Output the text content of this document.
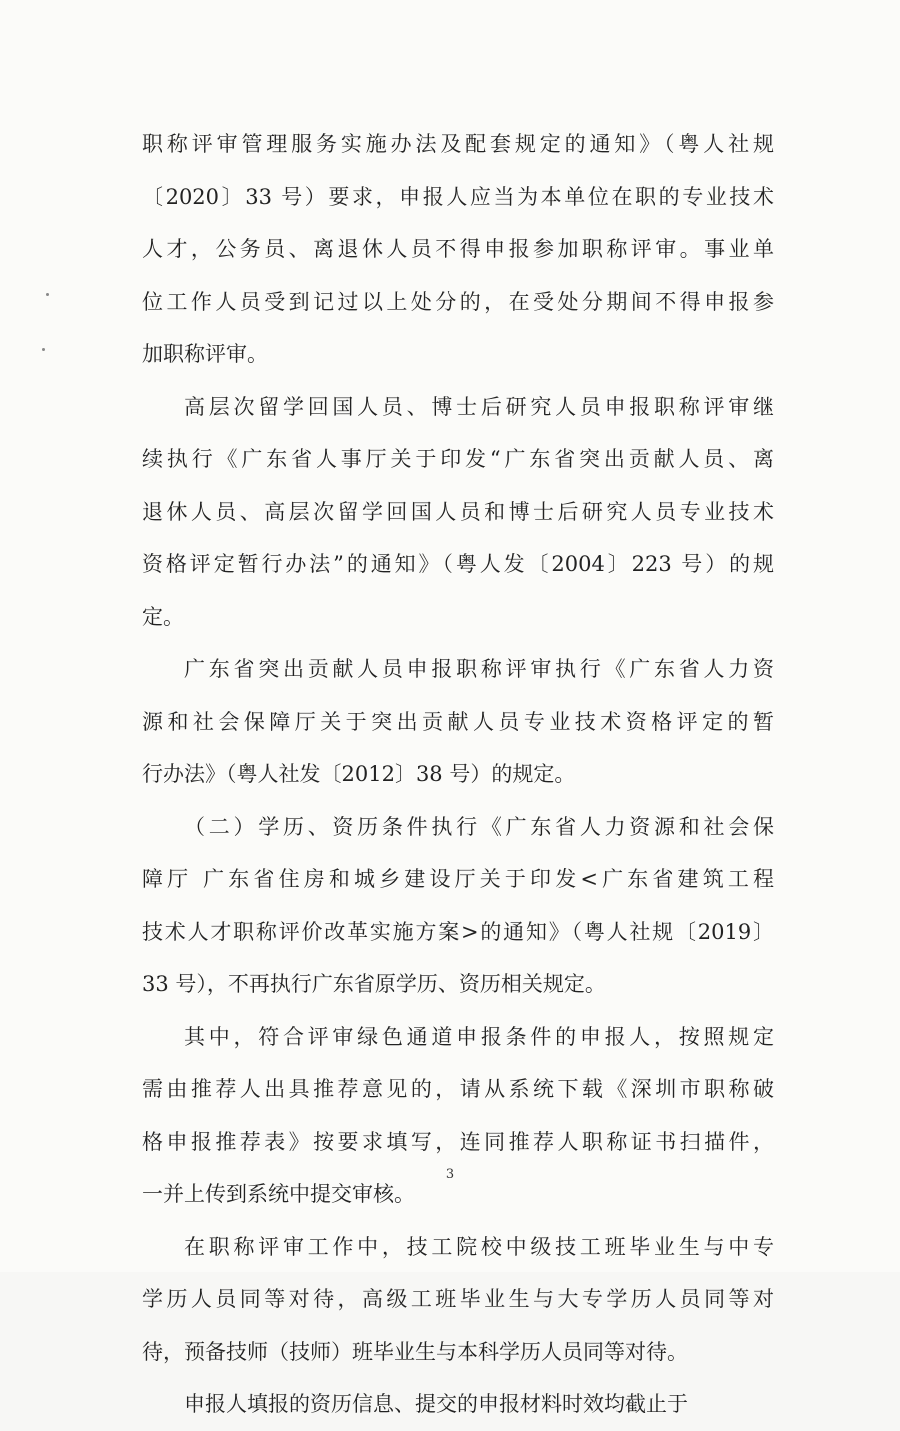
职称评审管理服务实施办法及配套规定的通知》（粤人社规
〔2020〕33 号）要求，申报人应当为本单位在职的专业技术
人才，公务员、离退休人员不得申报参加职称评审。事业单
位工作人员受到记过以上处分的，在受处分期间不得申报参
加职称评审。
高层次留学回国人员、博士后研究人员申报职称评审继
续执行《广东省人事厅关于印发“广东省突出贡献人员、离
退休人员、高层次留学回国人员和博士后研究人员专业技术
资格评定暂行办法”的通知》（粤人发〔2004〕223 号）的规
定。
广东省突出贡献人员申报职称评审执行《广东省人力资
源和社会保障厅关于突出贡献人员专业技术资格评定的暂
行办法》（粤人社发〔2012〕38 号）的规定。
（二）学历、资历条件执行《广东省人力资源和社会保
障厅 广东省住房和城乡建设厅关于印发<广东省建筑工程
技术人才职称评价改革实施方案>的通知》（粤人社规〔2019〕
33 号），不再执行广东省原学历、资历相关规定。
其中，符合评审绿色通道申报条件的申报人，按照规定
需由推荐人出具推荐意见的，请从系统下载《深圳市职称破
格申报推荐表》按要求填写，连同推荐人职称证书扫描件，
一并上传到系统中提交审核。
在职称评审工作中，技工院校中级技工班毕业生与中专
学历人员同等对待，高级工班毕业生与大专学历人员同等对
待，预备技师（技师）班毕业生与本科学历人员同等对待。
申报人填报的资历信息、提交的申报材料时效均截止于
3
